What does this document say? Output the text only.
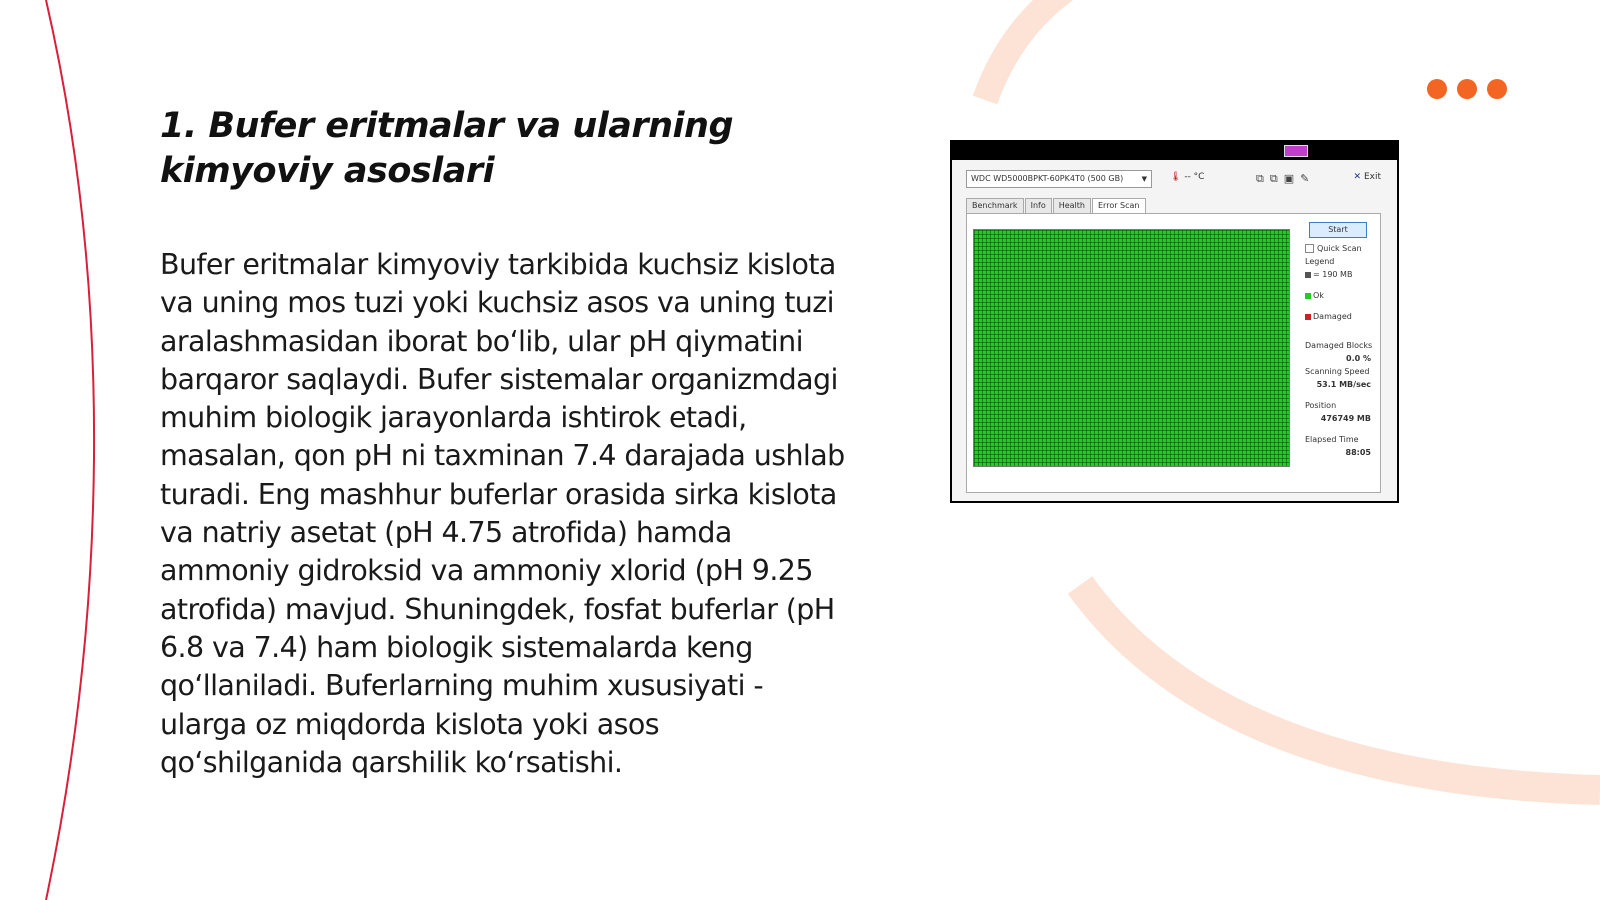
1. Bufer eritmalar va ularning kimyoviy asoslari

Bufer eritmalar kimyoviy tarkibida kuchsiz kislota va uning mos tuzi yoki kuchsiz asos va uning tuzi aralashmasidan iborat bo‘lib, ular pH qiymatini barqaror saqlaydi. Bufer sistemalar organizmdagi muhim biologik jarayonlarda ishtirok etadi, masalan, qon pH ni taxminan 7.4 darajada ushlab turadi. Eng mashhur buferlar orasida sirka kislota va natriy asetat (pH 4.75 atrofida) hamda ammoniy gidroksid va ammoniy xlorid (pH 9.25 atrofida) mavjud. Shuningdek, fosfat buferlar (pH 6.8 va 7.4) ham biologik sistemalarda keng qo‘llaniladi. Buferlarning muhim xususiyati - ularga oz miqdorda kislota yoki asos qo‘shilganida qarshilik ko‘rsatishi.

WDC WD5000BPKT-60PK4T0 (500 GB)	▼	🌡 -- °C	⧉⧉▣✎	✕ Exit
Benchmark	Info	Health	Error Scan
Start
Quick Scan
Legend
= 190 MB
Ok
Damaged
Damaged Blocks
0.0 %
Scanning Speed
53.1 MB/sec
Position
476749 MB
Elapsed Time
88:05
